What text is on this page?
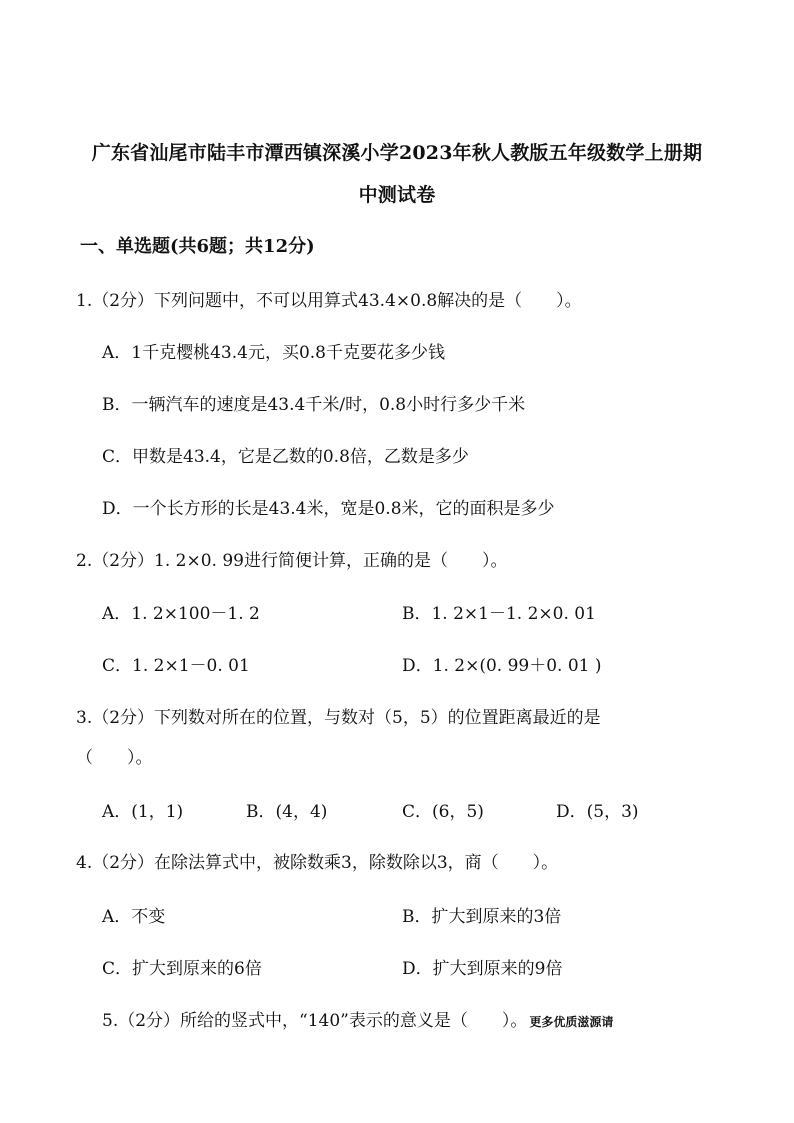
广东省汕尾市陆丰市潭西镇深溪小学2023年秋人教版五年级数学上册期
中测试卷
一、单选题(共6题；共12分)
1.（2分）下列问题中，不可以用算式43.4×0.8解决的是（　　）。
A．1千克樱桃43.4元，买0.8千克要花多少钱
B．一辆汽车的速度是43.4千米/时，0.8小时行多少千米
C．甲数是43.4，它是乙数的0.8倍，乙数是多少
D．一个长方形的长是43.4米，宽是0.8米，它的面积是多少
2.（2分）1. 2×0. 99进行简便计算，正确的是（　　）。
A．1. 2×100－1. 2	B．1. 2×1－1. 2×0. 01
C．1. 2×1－0. 01	D．1. 2×(0. 99＋0. 01 )
3.（2分）下列数对所在的位置，与数对（5，5）的位置距离最近的是
（　　）。
A．(1，1)	B．(4，4)	C．(6，5)	D．(5，3)
4.（2分）在除法算式中，被除数乘3，除数除以3，商（　　）。
A．不变	B．扩大到原来的3倍
C．扩大到原来的6倍	D．扩大到原来的9倍
5.（2分）所给的竖式中，“140”表示的意义是（　　）。 更多优质滋源请
